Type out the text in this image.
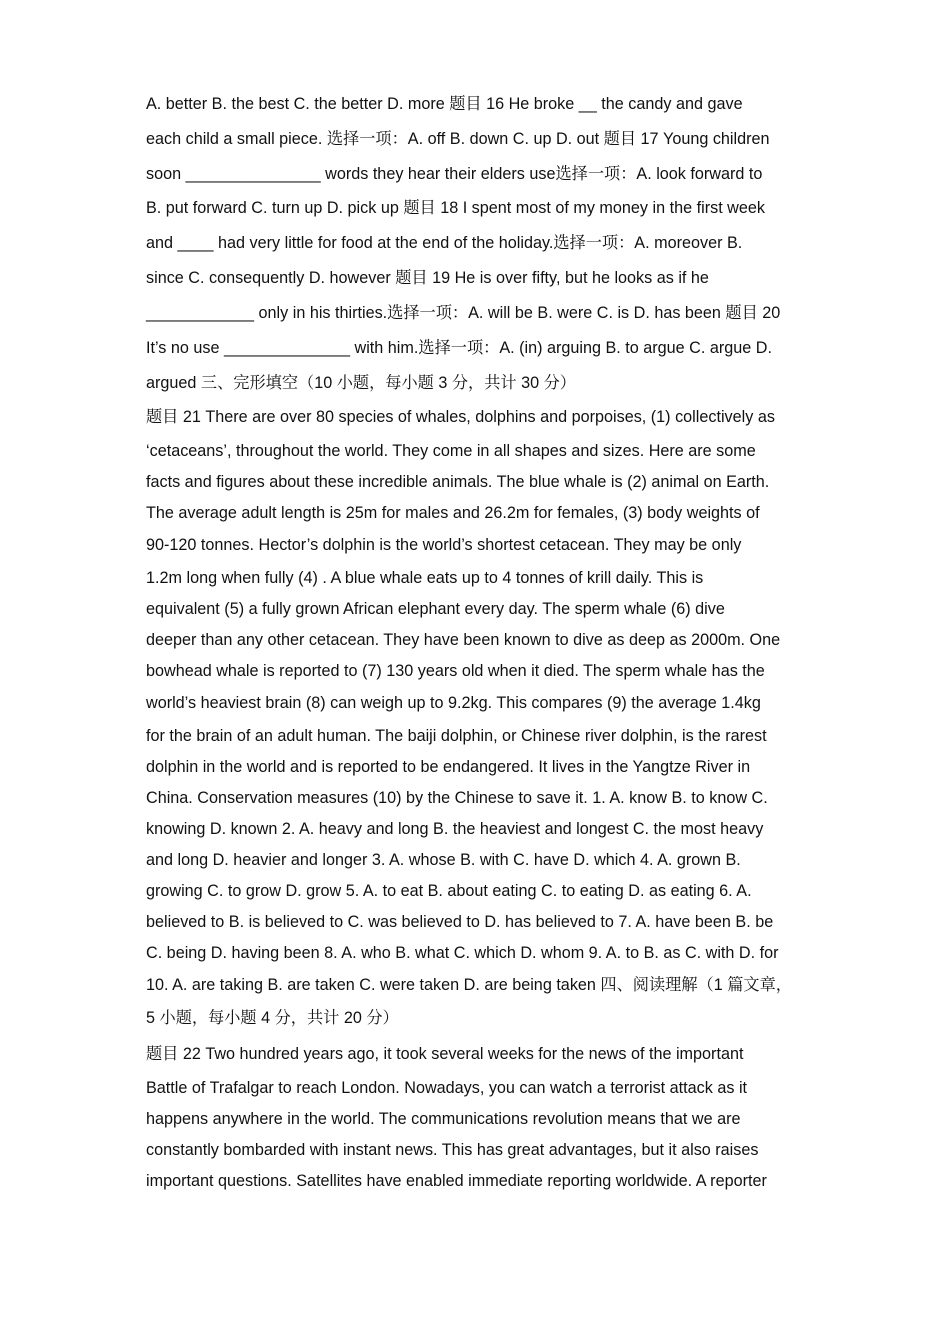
A. better B. the best C. the better D. more 题目 16 He broke __ the candy and gave
each child a small piece. 选择一项：A. off B. down C. up D. out 题目 17 Young children
soon _______________ words they hear their elders use选择一项：A. look forward to
B. put forward C. turn up D. pick up 题目 18 I spent most of my money in the first week
and ____ had very little for food at the end of the holiday.选择一项：A. moreover B.
since C. consequently D. however 题目 19 He is over fifty, but he looks as if he
____________ only in his thirties.选择一项：A. will be B. were C. is D. has been 题目 20
It’s no use ______________ with him.选择一项：A. (in) arguing B. to argue C. argue D.
argued 三、完形填空（10 小题，每小题 3 分，共计 30 分）
题目 21 There are over 80 species of whales, dolphins and porpoises, (1) collectively as
‘cetaceans’, throughout the world. They come in all shapes and sizes. Here are some
facts and figures about these incredible animals. The blue whale is (2) animal on Earth.
The average adult length is 25m for males and 26.2m for females, (3) body weights of
90-120 tonnes. Hector’s dolphin is the world’s shortest cetacean. They may be only
1.2m long when fully (4) . A blue whale eats up to 4 tonnes of krill daily. This is
equivalent (5) a fully grown African elephant every day. The sperm whale (6) dive
deeper than any other cetacean. They have been known to dive as deep as 2000m. One
bowhead whale is reported to (7) 130 years old when it died. The sperm whale has the
world’s heaviest brain (8) can weigh up to 9.2kg. This compares (9) the average 1.4kg
for the brain of an adult human. The baiji dolphin, or Chinese river dolphin, is the rarest
dolphin in the world and is reported to be endangered. It lives in the Yangtze River in
China. Conservation measures (10) by the Chinese to save it. 1. A. know B. to know C.
knowing D. known 2. A. heavy and long B. the heaviest and longest C. the most heavy
and long D. heavier and longer 3. A. whose B. with C. have D. which 4. A. grown B.
growing C. to grow D. grow 5. A. to eat B. about eating C. to eating D. as eating 6. A.
believed to B. is believed to C. was believed to D. has believed to 7. A. have been B. be
C. being D. having been 8. A. who B. what C. which D. whom 9. A. to B. as C. with D. for
10. A. are taking B. are taken C. were taken D. are being taken 四、阅读理解（1 篇文章，
5 小题，每小题 4 分，共计 20 分）
题目 22 Two hundred years ago, it took several weeks for the news of the important
Battle of Trafalgar to reach London. Nowadays, you can watch a terrorist attack as it
happens anywhere in the world. The communications revolution means that we are
constantly bombarded with instant news. This has great advantages, but it also raises
important questions. Satellites have enabled immediate reporting worldwide. A reporter
